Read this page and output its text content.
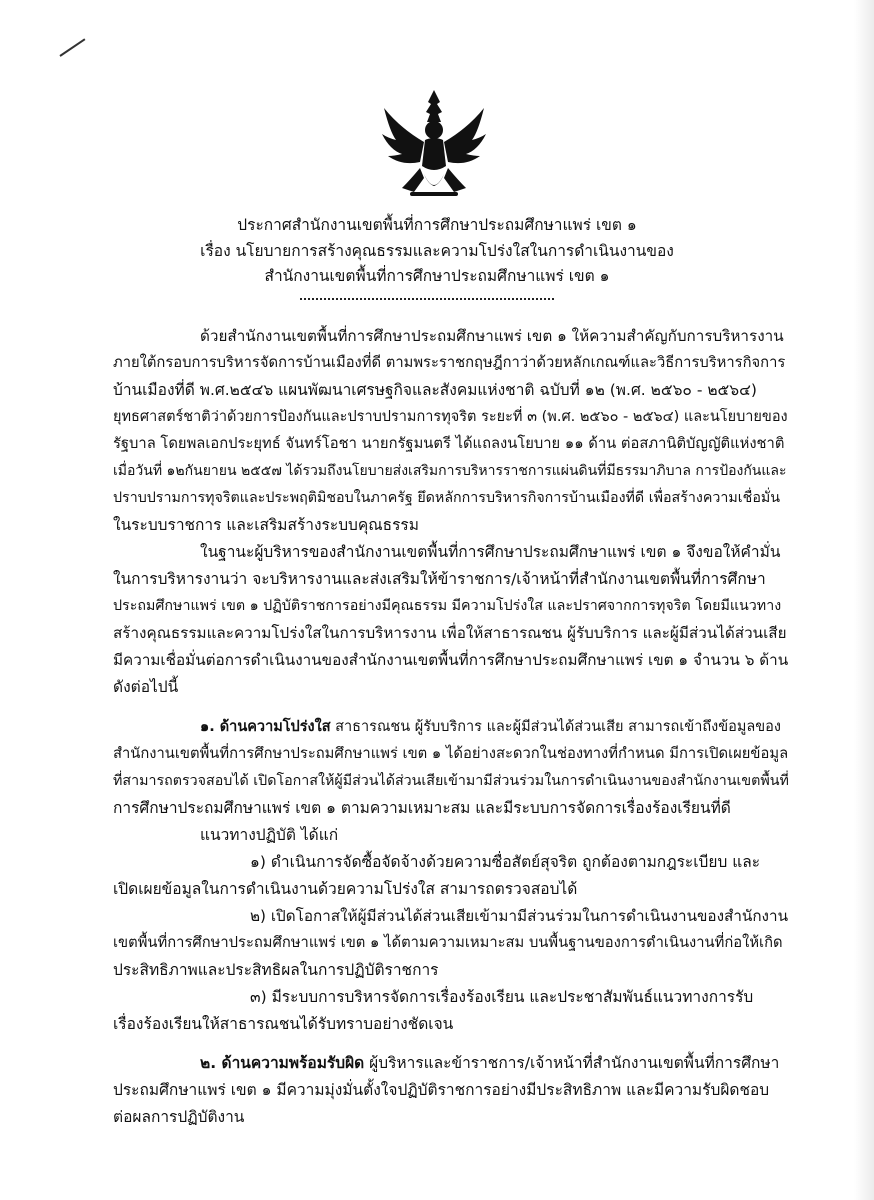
ประกาศสำนักงานเขตพื้นที่การศึกษาประถมศึกษาแพร่ เขต ๑
เรื่อง นโยบายการสร้างคุณธรรมและความโปร่งใสในการดำเนินงานของ
สำนักงานเขตพื้นที่การศึกษาประถมศึกษาแพร่ เขต ๑
ด้วยสำนักงานเขตพื้นที่การศึกษาประถมศึกษาแพร่ เขต ๑ ให้ความสำคัญกับการบริหารงาน
ภายใต้กรอบการบริหารจัดการบ้านเมืองที่ดี ตามพระราชกฤษฎีกาว่าด้วยหลักเกณฑ์และวิธีการบริหารกิจการ
บ้านเมืองที่ดี พ.ศ.๒๕๔๖ แผนพัฒนาเศรษฐกิจและสังคมแห่งชาติ ฉบับที่ ๑๒ (พ.ศ. ๒๕๖๐ - ๒๕๖๔)
ยุทธศาสตร์ชาติว่าด้วยการป้องกันและปราบปรามการทุจริต ระยะที่ ๓ (พ.ศ. ๒๕๖๐ - ๒๕๖๔) และนโยบายของ
รัฐบาล โดยพลเอกประยุทธ์ จันทร์โอชา นายกรัฐมนตรี ได้แถลงนโยบาย ๑๑ ด้าน ต่อสภานิติบัญญัติแห่งชาติ
เมื่อวันที่ ๑๒กันยายน ๒๕๕๗ ได้รวมถึงนโยบายส่งเสริมการบริหารราชการแผ่นดินที่มีธรรมาภิบาล การป้องกันและ
ปราบปรามการทุจริตและประพฤติมิชอบในภาครัฐ ยึดหลักการบริหารกิจการบ้านเมืองที่ดี เพื่อสร้างความเชื่อมั่น
ในระบบราชการ และเสริมสร้างระบบคุณธรรม
ในฐานะผู้บริหารของสำนักงานเขตพื้นที่การศึกษาประถมศึกษาแพร่ เขต ๑ จึงขอให้คำมั่น
ในการบริหารงานว่า จะบริหารงานและส่งเสริมให้ข้าราชการ/เจ้าหน้าที่สำนักงานเขตพื้นที่การศึกษา
ประถมศึกษาแพร่ เขต ๑ ปฏิบัติราชการอย่างมีคุณธรรม มีความโปร่งใส และปราศจากการทุจริต โดยมีแนวทาง
สร้างคุณธรรมและความโปร่งใสในการบริหารงาน เพื่อให้สาธารณชน ผู้รับบริการ และผู้มีส่วนได้ส่วนเสีย
มีความเชื่อมั่นต่อการดำเนินงานของสำนักงานเขตพื้นที่การศึกษาประถมศึกษาแพร่ เขต ๑ จำนวน ๖ ด้าน
ดังต่อไปนี้
๑. ด้านความโปร่งใส สาธารณชน ผู้รับบริการ และผู้มีส่วนได้ส่วนเสีย สามารถเข้าถึงข้อมูลของ
สำนักงานเขตพื้นที่การศึกษาประถมศึกษาแพร่ เขต ๑ ได้อย่างสะดวกในช่องทางที่กำหนด มีการเปิดเผยข้อมูล
ที่สามารถตรวจสอบได้ เปิดโอกาสให้ผู้มีส่วนได้ส่วนเสียเข้ามามีส่วนร่วมในการดำเนินงานของสำนักงานเขตพื้นที่
การศึกษาประถมศึกษาแพร่ เขต ๑ ตามความเหมาะสม และมีระบบการจัดการเรื่องร้องเรียนที่ดี
แนวทางปฏิบัติ ได้แก่
๑) ดำเนินการจัดซื้อจัดจ้างด้วยความซื่อสัตย์สุจริต ถูกต้องตามกฎระเบียบ และ
เปิดเผยข้อมูลในการดำเนินงานด้วยความโปร่งใส สามารถตรวจสอบได้
๒) เปิดโอกาสให้ผู้มีส่วนได้ส่วนเสียเข้ามามีส่วนร่วมในการดำเนินงานของสำนักงาน
เขตพื้นที่การศึกษาประถมศึกษาแพร่ เขต ๑ ได้ตามความเหมาะสม บนพื้นฐานของการดำเนินงานที่ก่อให้เกิด
ประสิทธิภาพและประสิทธิผลในการปฏิบัติราชการ
๓) มีระบบการบริหารจัดการเรื่องร้องเรียน และประชาสัมพันธ์แนวทางการรับ
เรื่องร้องเรียนให้สาธารณชนได้รับทราบอย่างชัดเจน
๒. ด้านความพร้อมรับผิด ผู้บริหารและข้าราชการ/เจ้าหน้าที่สำนักงานเขตพื้นที่การศึกษา
ประถมศึกษาแพร่ เขต ๑ มีความมุ่งมั่นตั้งใจปฏิบัติราชการอย่างมีประสิทธิภาพ และมีความรับผิดชอบ
ต่อผลการปฏิบัติงาน
